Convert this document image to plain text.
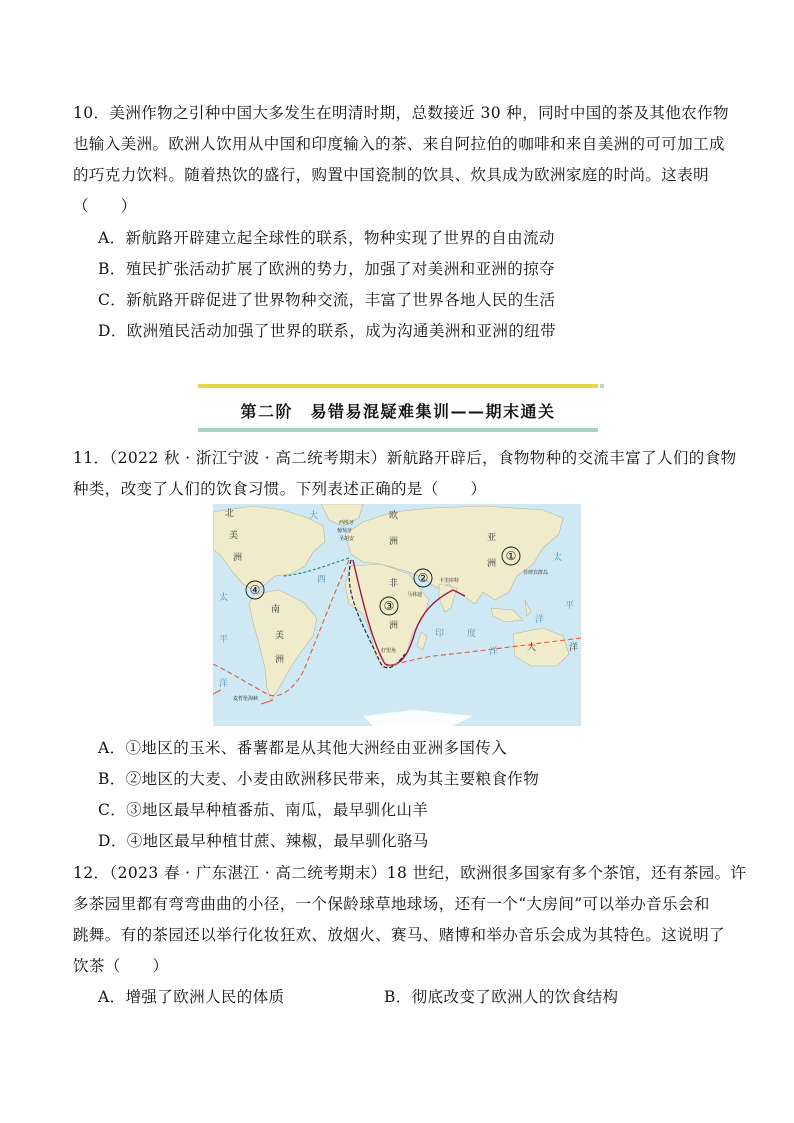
10．美洲作物之引种中国大多发生在明清时期，总数接近 30 种，同时中国的茶及其他农作物
也输入美洲。欧洲人饮用从中国和印度输入的茶、来自阿拉伯的咖啡和来自美洲的可可加工成
的巧克力饮料。随着热饮的盛行，购置中国瓷制的饮具、炊具成为欧洲家庭的时尚。这表明
（　　）
A．新航路开辟建立起全球性的联系，物种实现了世界的自由流动
B．殖民扩张活动扩展了欧洲的势力，加强了对美洲和亚洲的掠夺
C．新航路开辟促进了世界物种交流，丰富了世界各地人民的生活
D．欧洲殖民活动加强了世界的联系，成为沟通美洲和亚洲的纽带
第二阶　易错易混疑难集训——期末通关
11．（2022 秋 · 浙江宁波 · 高二统考期末）新航路开辟后，食物物种的交流丰富了人们的食物
种类，改变了人们的饮食习惯。下列表述正确的是（　　）
北
美
洲
大
西
欧
洲	亚
洲
非
洲
南
美
洲
太
平
洋
太
平
洋
印	度
洋	大	洋
西班牙
葡萄牙
圣胡安
马林迪
卡里库特
好望角
菲律宾群岛
麦哲伦海峡
①
②
③
④
A．①地区的玉米、番薯都是从其他大洲经由亚洲多国传入
B．②地区的大麦、小麦由欧洲移民带来，成为其主要粮食作物
C．③地区最早种植番茄、南瓜，最早驯化山羊
D．④地区最早种植甘蔗、辣椒，最早驯化骆马
12．（2023 春 · 广东湛江 · 高二统考期末）18 世纪，欧洲很多国家有多个茶馆，还有茶园。许
多茶园里都有弯弯曲曲的小径，一个保龄球草地球场，还有一个“大房间”可以举办音乐会和
跳舞。有的茶园还以举行化妆狂欢、放烟火、赛马、赌博和举办音乐会成为其特色。这说明了
饮茶（　　）
A．增强了欧洲人民的体质	B．彻底改变了欧洲人的饮食结构
